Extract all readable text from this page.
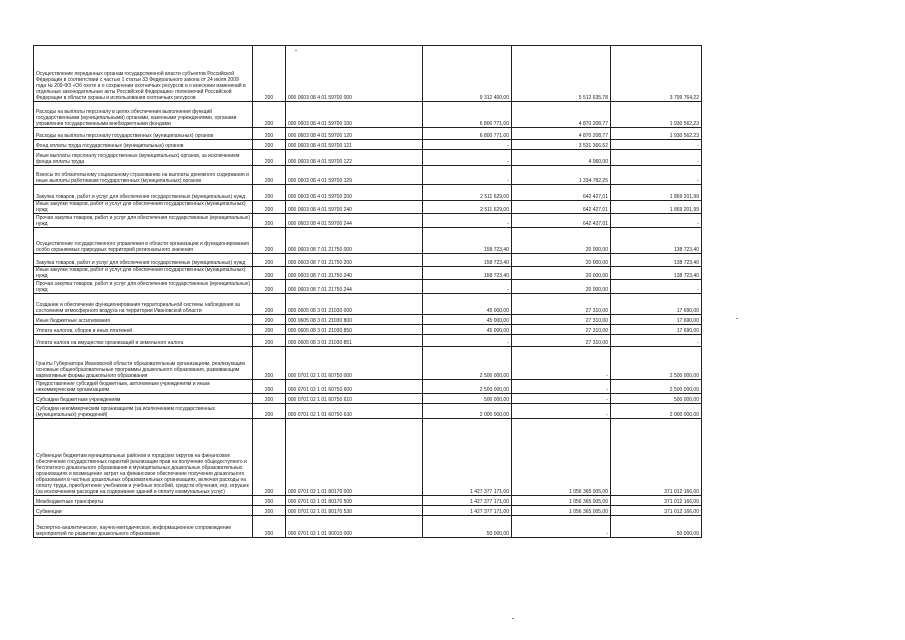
Осуществление переданных органам государственной власти субъектов Российской Федерации в соответствии с частью 1 статьи 33 Федерального закона от 24 июля 2009 года № 209-ФЗ «Об охоте и о сохранении охотничьих ресурсов и о внесении изменений в отдельные законодательные акты Российской Федерации» полномочий Российской Федерации в области охраны и использования охотничьих ресурсов	200	000 0603 08 4 01 59700 000	9 312 400,00	5 512 635,78	3 799 764,22
Расходы на выплаты персоналу в целях обеспечения выполнения функций государственными (муниципальными) органами, казенными учреждениями, органами управления государственными внебюджетными фондами	200	000 0603 08 4 01 59700 100	6 800 771,00	4 870 208,77	1 930 562,23
Расходы на выплаты персоналу государственных (муниципальных) органов	200	000 0603 08 4 01 59700 120	6 800 771,00	4 870 208,77	1 930 562,23
Фонд оплаты труда государственных (муниципальных) органов	200	000 0603 08 4 01 59700 121	-	3 531 366,52	-
Иные выплаты персоналу государственных (муниципальных) органов, за исключением фонда оплаты труда	200	000 0603 08 4 01 59700 122	-	4 060,00	-
Взносы по обязательному социальному страхованию на выплаты денежного содержания и иные выплаты работникам государственных (муниципальных) органов	200	000 0603 08 4 01 59700 129	-	1 334 782,25	-
Закупка товаров, работ и услуг для обеспечения государственных (муниципальных) нужд	200	000 0603 08 4 01 59700 200	2 511 629,00	642 427,01	1 869 201,99
Иные закупки товаров, работ и услуг для обеспечения государственных (муниципальных) нужд	200	000 0603 08 4 01 59700 240	2 511 629,00	642 427,01	1 869 201,99
Прочая закупка товаров, работ и услуг для обеспечения государственных (муниципальных) нужд	200	000 0603 08 4 01 59700 244	-	642 427,01	-
Осуществление государственного управления в области организации и функционирования особо охраняемых природных территорий регионального значения	200	000 0603 08 7 01 21750 000	158 723,40	20 000,00	138 723,40
Закупка товаров, работ и услуг для обеспечения государственных (муниципальных) нужд	200	000 0603 08 7 01 21750 200	158 723,40	20 000,00	138 723,40
Иные закупки товаров, работ и услуг для обеспечения государственных (муниципальных) нужд	200	000 0603 08 7 01 21750 240	158 723,40	20 000,00	138 723,40
Прочая закупка товаров, работ и услуг для обеспечения государственных (муниципальных) нужд	200	000 0603 08 7 01 21750 244	-	20 000,00	-
Создание и обеспечение функционирования территориальной системы наблюдения за состоянием атмосферного воздуха на территории Ивановской области	200	000 0605 08 3 01 21030 000	45 000,00	27 310,00	17 690,00
Иные бюджетные ассигнования	200	000 0605 08 3 01 21030 800	45 000,00	27 310,00	17 690,00
Уплата налогов, сборов и иных платежей	200	000 0605 08 3 01 21030 850	45 000,00	27 310,00	17 690,00
Уплата налога на имущество организаций и земельного налога	200	000 0605 08 3 01 21030 851	-	27 310,00	-
Гранты Губернатора Ивановской области образовательным организациям, реализующим основные общеобразовательные программы дошкольного образования, развивающим вариативные формы дошкольного образования	200	000 0701 02 1 01 60750 000	2 500 000,00	-	2 500 000,00
Предоставление субсидий бюджетным, автономным учреждениям и иным некоммерческим организациям	200	000 0701 02 1 01 60750 600	2 500 000,00	-	2 500 000,00
Субсидии бюджетным учреждениям	200	000 0701 02 1 01 60750 610	500 000,00	-	500 000,00
Субсидии некоммерческим организациям (за исключением государственных (муниципальных) учреждений)	200	000 0701 02 1 01 60750 630	2 000 000,00	-	2 000 000,00
Субвенции бюджетам муниципальных районов и городских округов на финансовое обеспечение государственных гарантий реализации прав на получение общедоступного и бесплатного дошкольного образования в муниципальных дошкольных образовательных организациях и возмещение затрат на финансовое обеспечение получения дошкольного образования в частных дошкольных образовательных организациях, включая расходы на оплату труда, приобретение учебников и учебных пособий, средств обучения, игр, игрушек (за исключением расходов на содержание зданий и оплату коммунальных услуг)	200	000 0701 02 1 01 80170 000	1 427 377 171,00	1 056 365 005,00	371 012 166,00
Межбюджетные трансферты	200	000 0701 02 1 01 80170 500	1 427 377 171,00	1 056 365 005,00	371 012 166,00
Субвенции	200	000 0701 02 1 01 80170 530	1 427 377 171,00	1 056 365 005,00	371 012 166,00
Экспертно-аналитическое, научно-методическое, информационное сопровождение мероприятий по развитию дошкольного образования	200	000 0701 02 1 01 90010 000	50 000,00	-	50 000,00
